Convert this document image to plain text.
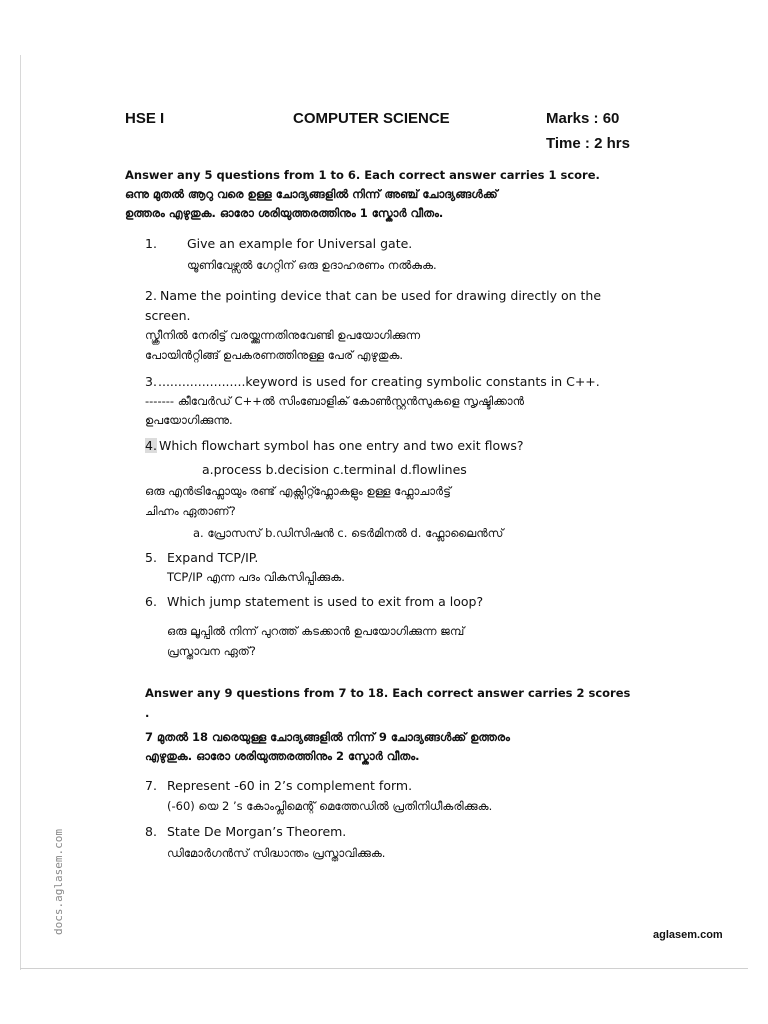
HSE I	COMPUTER SCIENCE	Marks : 60
Time : 2 hrs
Answer any 5 questions from 1 to 6. Each correct answer carries 1 score.
ഒന്നു മുതൽ ആറു വരെ ഉള്ള ചോദ്യങ്ങളിൽ നിന്ന് അഞ്ച് ചോദ്യങ്ങൾക്ക്
ഉത്തരം എഴുതുക. ഓരോ ശരിയുത്തരത്തിനും 1 സ്കോർ വീതം.
1. Give an example for Universal gate.
യൂണിവേഴ്സൽ ഗേറ്റിന് ഒരു ഉദാഹരണം നൽകുക.
2. Name the pointing device that can be used for drawing directly on the
screen.
സ്ക്രീനിൽ നേരിട്ട് വരയ്ക്കുന്നതിനുവേണ്ടി ഉപയോഗിക്കുന്ന
പോയിൻറ്റിങ്ങ് ഉപകരണത്തിനുള്ള പേര് എഴുതുക.
3. ......................keyword is used for creating symbolic constants in C++.
------- കീവേർഡ് C++ൽ സിംബോളിക് കോൺസ്റ്റൻസുകളെ സൃഷ്ടിക്കാൻ
ഉപയോഗിക്കുന്നു.
4. Which flowchart symbol has one entry and two exit flows?
a.process b.decision c.terminal d.flowlines
ഒരു എൻട്രിഫ്ലോയും രണ്ട് എക്സിറ്റ്ഫ്ലോകളും ഉള്ള ഫ്ലോചാർട്ട്
ചിഹ്നം ഏതാണ്?
a. പ്രോസസ് b.ഡിസിഷൻ c. ടെർമിനൽ d. ഫ്ലോലൈൻസ്
5. Expand TCP/IP.
TCP/IP എന്ന പദം വികസിപ്പിക്കുക.
6. Which jump statement is used to exit from a loop?
ഒരു ലൂപ്പിൽ നിന്ന് പുറത്ത് കടക്കാൻ ഉപയോഗിക്കുന്ന ജമ്പ്
പ്രസ്താവന ഏത്?
Answer any 9 questions from 7 to 18. Each correct answer carries 2 scores
.
7 മുതൽ 18 വരെയുള്ള ചോദ്യങ്ങളിൽ നിന്ന് 9 ചോദ്യങ്ങൾക്ക് ഉത്തരം
എഴുതുക. ഓരോ ശരിയുത്തരത്തിനും 2 സ്കോർ വീതം.
7. Represent -60 in 2’s complement form.
(-60) യെ 2 ’s കോംപ്ലിമെന്റ് മെത്തേഡിൽ പ്രതിനിധീകരിക്കുക.
8. State De Morgan’s Theorem.
ഡിമോർഗൻസ് സിദ്ധാന്തം പ്രസ്താവിക്കുക.
docs.aglasem.com	aglasem.com
